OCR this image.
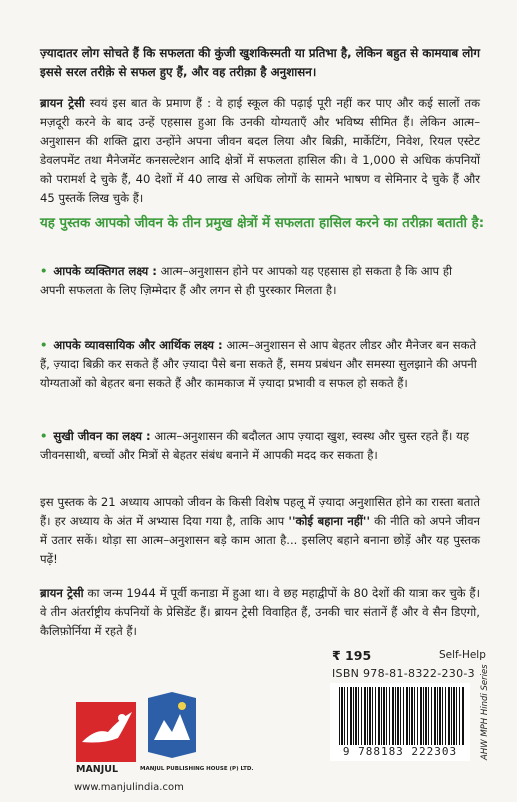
ज़्यादातर लोग सोचते हैं कि सफलता की कुंजी खुशकिस्मती या प्रतिभा है, लेकिन बहुत से कामयाब लोग इससे सरल तरीक़े से सफल हुए हैं, और वह तरीक़ा है अनुशासन।
ब्रायन ट्रेसी स्वयं इस बात के प्रमाण हैं : वे हाई स्कूल की पढ़ाई पूरी नहीं कर पाए और कई सालों तक मज़दूरी करने के बाद उन्हें एहसास हुआ कि उनकी योग्यताएँ और भविष्य सीमित हैं। लेकिन आत्म–अनुशासन की शक्ति द्वारा उन्होंने अपना जीवन बदल लिया और बिक्री, मार्केटिंग, निवेश, रियल एस्टेट डेवलपमेंट तथा मैनेजमेंट कनसल्टेशन आदि क्षेत्रों में सफलता हासिल की। वे 1,000 से अधिक कंपनियों को परामर्श दे चुके हैं, 40 देशों में 40 लाख से अधिक लोगों के सामने भाषण व सेमिनार दे चुके हैं और 45 पुस्तकें लिख चुके हैं।
यह पुस्तक आपको जीवन के तीन प्रमुख क्षेत्रों में सफलता हासिल करने का तरीक़ा बताती है:
• आपके व्यक्तिगत लक्ष्य : आत्म–अनुशासन होने पर आपको यह एहसास हो सकता है कि आप ही अपनी सफलता के लिए ज़िम्मेदार हैं और लगन से ही पुरस्कार मिलता है।
• आपके व्यावसायिक और आर्थिक लक्ष्य : आत्म–अनुशासन से आप बेहतर लीडर और मैनेजर बन सकते हैं, ज़्यादा बिक्री कर सकते हैं और ज़्यादा पैसे बना सकते हैं, समय प्रबंधन और समस्या सुलझाने की अपनी योग्यताओं को बेहतर बना सकते हैं और कामकाज में ज़्यादा प्रभावी व सफल हो सकते हैं।
• सुखी जीवन का लक्ष्य : आत्म–अनुशासन की बदौलत आप ज़्यादा खुश, स्वस्थ और चुस्त रहते हैं। यह जीवनसाथी, बच्चों और मित्रों से बेहतर संबंध बनाने में आपकी मदद कर सकता है।
इस पुस्तक के 21 अध्याय आपको जीवन के किसी विशेष पहलू में ज़्यादा अनुशासित होने का रास्ता बताते हैं। हर अध्याय के अंत में अभ्यास दिया गया है, ताकि आप ''कोई बहाना नहीं'' की नीति को अपने जीवन में उतार सकें। थोड़ा सा आत्म–अनुशासन बड़े काम आता है... इसलिए बहाने बनाना छोड़ें और यह पुस्तक पढ़ें!
ब्रायन ट्रेसी का जन्म 1944 में पूर्वी कनाडा में हुआ था। वे छह महाद्वीपों के 80 देशों की यात्रा कर चुके हैं। वे तीन अंतर्राष्ट्रीय कंपनियों के प्रेसिडेंट हैं। ब्रायन ट्रेसी विवाहित हैं, उनकी चार संतानें हैं और वे सैन डिएगो, कैलिफ़ोर्निया में रहते हैं।
MANJUL	MANJUL PUBLISHING HOUSE (P) LTD.
www.manjulindia.com
₹ 195	Self-Help
ISBN 978-81-8322-230-3
9 788183 222303	AHW MPH Hindi Series
